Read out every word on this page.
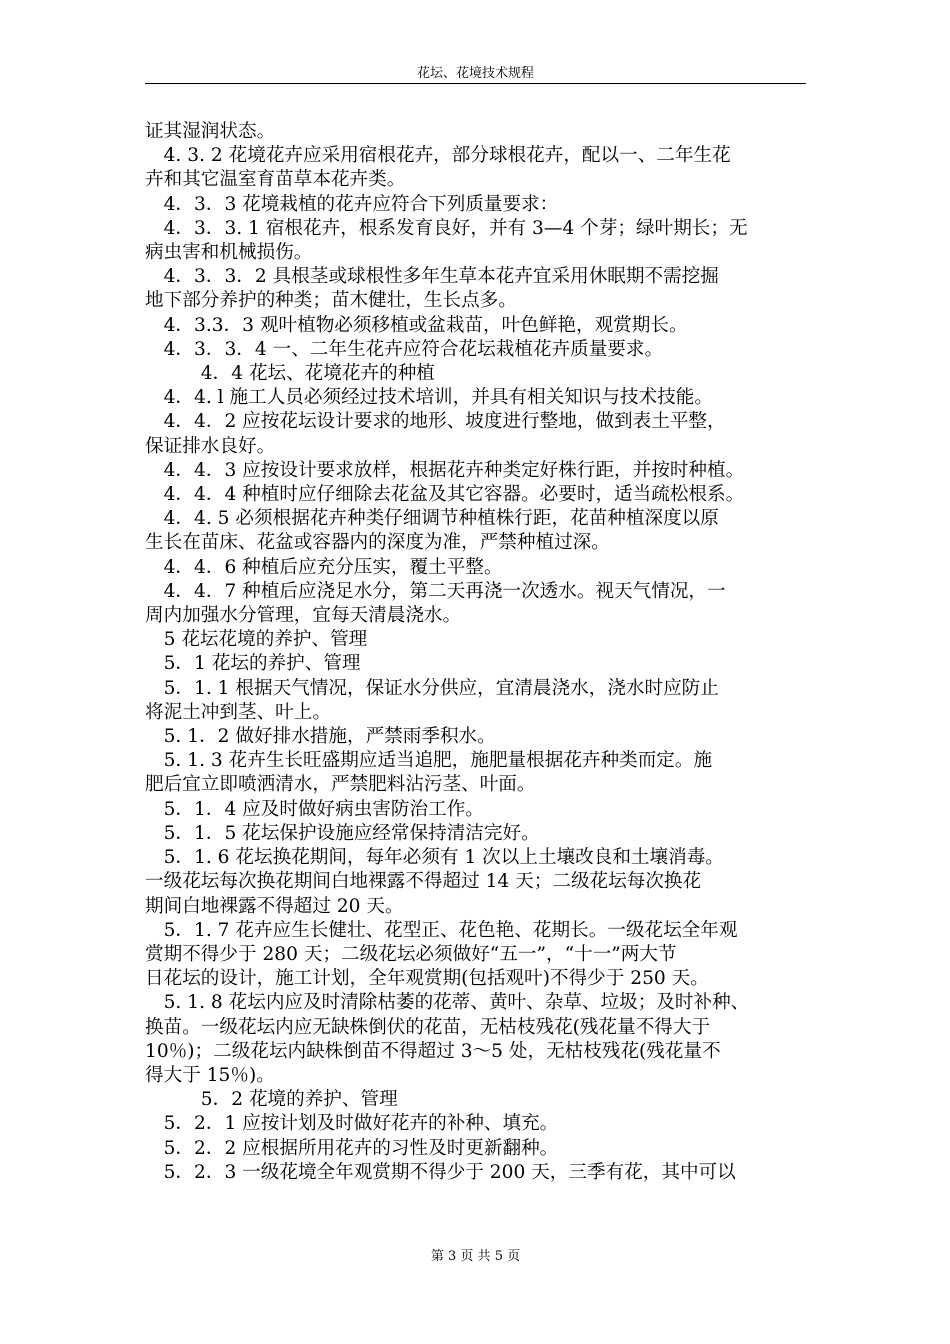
花坛、花境技术规程

证其湿润状态。

　4. 3. 2 花境花卉应采用宿根花卉，部分球根花卉，配以一、二年生花

卉和其它温室育苗草本花卉类。

　4．3．3 花境栽植的花卉应符合下列质量要求：

　4．3．3. 1 宿根花卉，根系发育良好，并有 3—4 个芽；绿叶期长；无

病虫害和机械损伤。

　4．3．3．2 具根茎或球根性多年生草本花卉宜采用休眠期不需挖掘

地下部分养护的种类；苗木健壮，生长点多。

　4．3.3．3 观叶植物必须移植或盆栽苗，叶色鲜艳，观赏期长。

　4．3．3．4 一、二年生花卉应符合花坛栽植花卉质量要求。

　　　4．4 花坛、花境花卉的种植

　4．4. l 施工人员必须经过技术培训，并具有相关知识与技术技能。

　4．4．2 应按花坛设计要求的地形、坡度进行整地，做到表土平整，

保证排水良好。

　4．4．3 应按设计要求放样，根据花卉种类定好株行距，并按时种植。

　4．4．4 种植时应仔细除去花盆及其它容器。必要时，适当疏松根系。

　4．4. 5 必须根据花卉种类仔细调节种植株行距，花苗种植深度以原

生长在苗床、花盆或容器内的深度为准，严禁种植过深。

　4．4．6 种植后应充分压实，覆土平整。

　4．4．7 种植后应浇足水分，第二天再浇一次透水。视天气情况，一

周内加强水分管理，宜每天清晨浇水。

　5 花坛花境的养护、管理

　5．1 花坛的养护、管理

　5．1. 1 根据天气情况，保证水分供应，宜清晨浇水，浇水时应防止

将泥土冲到茎、叶上。

　5. 1．2 做好排水措施，严禁雨季积水。

　5. 1. 3 花卉生长旺盛期应适当追肥，施肥量根据花卉种类而定。施

肥后宜立即喷洒清水，严禁肥料沾污茎、叶面。

　5．1．4 应及时做好病虫害防治工作。

　5．1．5 花坛保护设施应经常保持清洁完好。

　5．1. 6 花坛换花期间，每年必须有 1 次以上土壤改良和土壤消毒。

一级花坛每次换花期间白地裸露不得超过 14 天；二级花坛每次换花

期间白地裸露不得超过 20 天。

　5．1. 7 花卉应生长健壮、花型正、花色艳、花期长。一级花坛全年观

赏期不得少于 280 天；二级花坛必须做好“五一”，“十一”两大节

日花坛的设计，施工计划，全年观赏期(包括观叶)不得少于 250 天。

　5. 1. 8 花坛内应及时清除枯萎的花蒂、黄叶、杂草、垃圾；及时补种、

换苗。一级花坛内应无缺株倒伏的花苗，无枯枝残花(残花量不得大于

10％)；二级花坛内缺株倒苗不得超过 3～5 处，无枯枝残花(残花量不

得大于 15％)。

　　　5．2 花境的养护、管理

　5．2．1 应按计划及时做好花卉的补种、填充。

　5．2．2 应根据所用花卉的习性及时更新翻种。

　5．2．3 一级花境全年观赏期不得少于 200 天，三季有花，其中可以

第 3 页 共 5 页
